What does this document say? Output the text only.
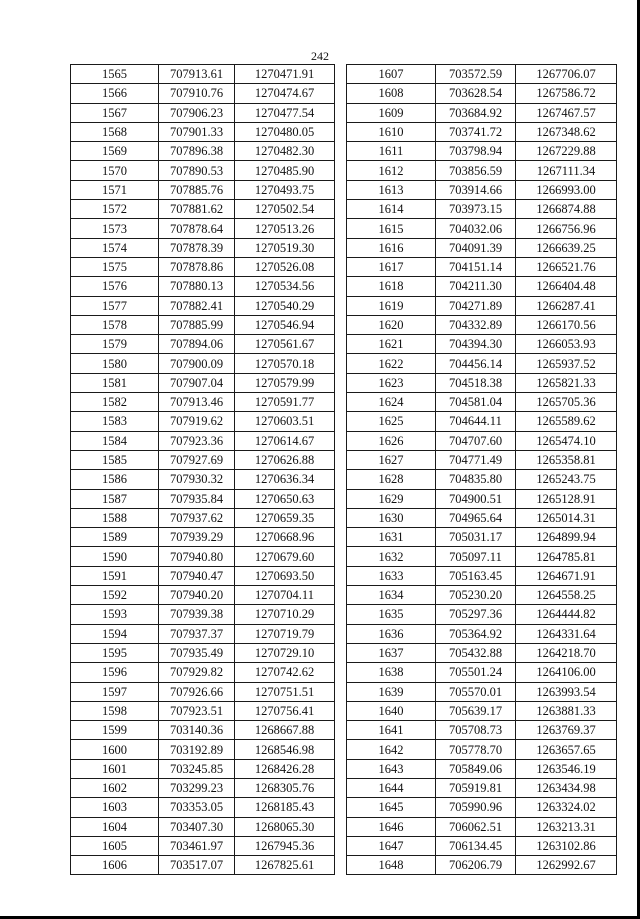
242
1565	707913.61	1270471.91
1566	707910.76	1270474.67
1567	707906.23	1270477.54
1568	707901.33	1270480.05
1569	707896.38	1270482.30
1570	707890.53	1270485.90
1571	707885.76	1270493.75
1572	707881.62	1270502.54
1573	707878.64	1270513.26
1574	707878.39	1270519.30
1575	707878.86	1270526.08
1576	707880.13	1270534.56
1577	707882.41	1270540.29
1578	707885.99	1270546.94
1579	707894.06	1270561.67
1580	707900.09	1270570.18
1581	707907.04	1270579.99
1582	707913.46	1270591.77
1583	707919.62	1270603.51
1584	707923.36	1270614.67
1585	707927.69	1270626.88
1586	707930.32	1270636.34
1587	707935.84	1270650.63
1588	707937.62	1270659.35
1589	707939.29	1270668.96
1590	707940.80	1270679.60
1591	707940.47	1270693.50
1592	707940.20	1270704.11
1593	707939.38	1270710.29
1594	707937.37	1270719.79
1595	707935.49	1270729.10
1596	707929.82	1270742.62
1597	707926.66	1270751.51
1598	707923.51	1270756.41
1599	703140.36	1268667.88
1600	703192.89	1268546.98
1601	703245.85	1268426.28
1602	703299.23	1268305.76
1603	703353.05	1268185.43
1604	703407.30	1268065.30
1605	703461.97	1267945.36
1606	703517.07	1267825.61
1607	703572.59	1267706.07
1608	703628.54	1267586.72
1609	703684.92	1267467.57
1610	703741.72	1267348.62
1611	703798.94	1267229.88
1612	703856.59	1267111.34
1613	703914.66	1266993.00
1614	703973.15	1266874.88
1615	704032.06	1266756.96
1616	704091.39	1266639.25
1617	704151.14	1266521.76
1618	704211.30	1266404.48
1619	704271.89	1266287.41
1620	704332.89	1266170.56
1621	704394.30	1266053.93
1622	704456.14	1265937.52
1623	704518.38	1265821.33
1624	704581.04	1265705.36
1625	704644.11	1265589.62
1626	704707.60	1265474.10
1627	704771.49	1265358.81
1628	704835.80	1265243.75
1629	704900.51	1265128.91
1630	704965.64	1265014.31
1631	705031.17	1264899.94
1632	705097.11	1264785.81
1633	705163.45	1264671.91
1634	705230.20	1264558.25
1635	705297.36	1264444.82
1636	705364.92	1264331.64
1637	705432.88	1264218.70
1638	705501.24	1264106.00
1639	705570.01	1263993.54
1640	705639.17	1263881.33
1641	705708.73	1263769.37
1642	705778.70	1263657.65
1643	705849.06	1263546.19
1644	705919.81	1263434.98
1645	705990.96	1263324.02
1646	706062.51	1263213.31
1647	706134.45	1263102.86
1648	706206.79	1262992.67
